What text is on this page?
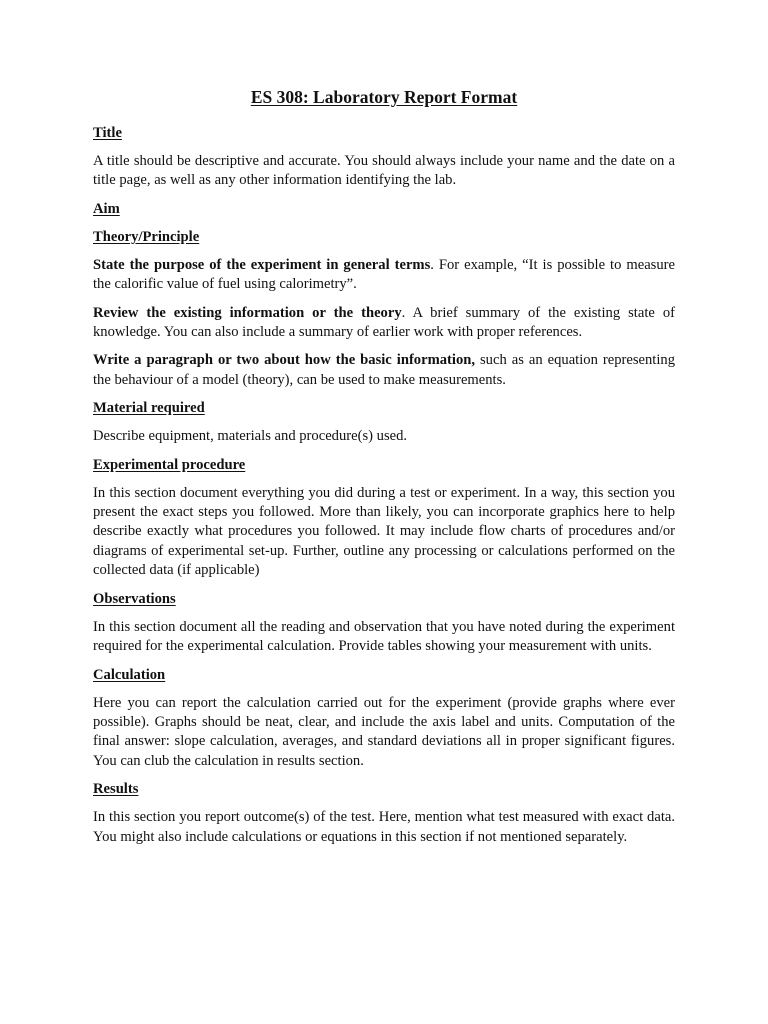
ES 308: Laboratory Report Format
Title
A title should be descriptive and accurate. You should always include your name and the date on a title page, as well as any other information identifying the lab.
Aim
Theory/Principle
State the purpose of the experiment in general terms. For example, “It is possible to measure the calorific value of fuel using calorimetry”.
Review the existing information or the theory. A brief summary of the existing state of knowledge. You can also include a summary of earlier work with proper references.
Write a paragraph or two about how the basic information, such as an equation representing the behaviour of a model (theory), can be used to make measurements.
Material required
Describe equipment, materials and procedure(s) used.
Experimental procedure
In this section document everything you did during a test or experiment. In a way, this section you present the exact steps you followed. More than likely, you can incorporate graphics here to help describe exactly what procedures you followed. It may include flow charts of procedures and/or diagrams of experimental set-up. Further, outline any processing or calculations performed on the collected data (if applicable)
Observations
In this section document all the reading and observation that you have noted during the experiment required for the experimental calculation. Provide tables showing your measurement with units.
Calculation
Here you can report the calculation carried out for the experiment (provide graphs where ever possible). Graphs should be neat, clear, and include the axis label and units. Computation of the final answer: slope calculation, averages, and standard deviations all in proper significant figures. You can club the calculation in results section.
Results
In this section you report outcome(s) of the test. Here, mention what test measured with exact data. You might also include calculations or equations in this section if not mentioned separately.
